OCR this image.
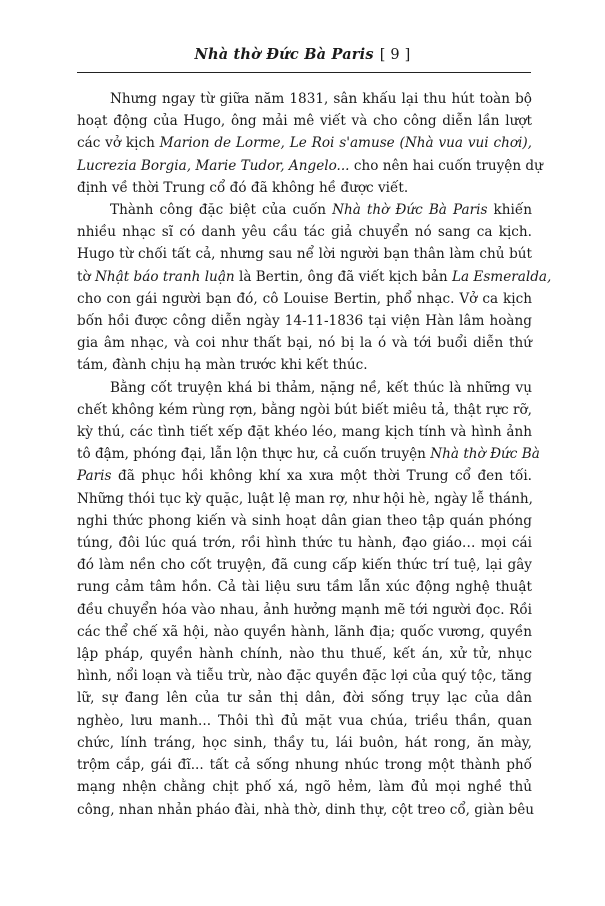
Nhà thờ Đức Bà Paris [ 9 ]
Nhưng ngay từ giữa năm 1831, sân khấu lại thu hút toàn bộ
hoạt động của Hugo, ông mải mê viết và cho công diễn lần lượt
các vở kịch Marion de Lorme, Le Roi s'amuse (Nhà vua vui chơi),
Lucrezia Borgia, Marie Tudor, Angelo... cho nên hai cuốn truyện dự
định về thời Trung cổ đó đã không hề được viết.
Thành công đặc biệt của cuốn Nhà thờ Đức Bà Paris khiến
nhiều nhạc sĩ có danh yêu cầu tác giả chuyển nó sang ca kịch.
Hugo từ chối tất cả, nhưng sau nể lời người bạn thân làm chủ bút
tờ Nhật báo tranh luận là Bertin, ông đã viết kịch bản La Esmeralda,
cho con gái người bạn đó, cô Louise Bertin, phổ nhạc. Vở ca kịch
bốn hồi được công diễn ngày 14-11-1836 tại viện Hàn lâm hoàng
gia âm nhạc, và coi như thất bại, nó bị la ó và tới buổi diễn thứ
tám, đành chịu hạ màn trước khi kết thúc.
Bằng cốt truyện khá bi thảm, nặng nề, kết thúc là những vụ
chết không kém rùng rợn, bằng ngòi bút biết miêu tả, thật rực rỡ,
kỳ thú, các tình tiết xếp đặt khéo léo, mang kịch tính và hình ảnh
tô đậm, phóng đại, lẫn lộn thực hư, cả cuốn truyện Nhà thờ Đức Bà
Paris đã phục hồi không khí xa xưa một thời Trung cổ đen tối.
Những thói tục kỳ quặc, luật lệ man rợ, như hội hè, ngày lễ thánh,
nghi thức phong kiến và sinh hoạt dân gian theo tập quán phóng
túng, đôi lúc quá trớn, rồi hình thức tu hành, đạo giáo… mọi cái
đó làm nền cho cốt truyện, đã cung cấp kiến thức trí tuệ, lại gây
rung cảm tâm hồn. Cả tài liệu sưu tầm lẫn xúc động nghệ thuật
đều chuyển hóa vào nhau, ảnh hưởng mạnh mẽ tới người đọc. Rồi
các thể chế xã hội, nào quyền hành, lãnh địa; quốc vương, quyền
lập pháp, quyền hành chính, nào thu thuế, kết án, xử tử, nhục
hình, nổi loạn và tiễu trừ, nào đặc quyền đặc lợi của quý tộc, tăng
lữ, sự đang lên của tư sản thị dân, đời sống trụy lạc của dân
nghèo, lưu manh... Thôi thì đủ mặt vua chúa, triều thần, quan
chức, lính tráng, học sinh, thầy tu, lái buôn, hát rong, ăn mày,
trộm cắp, gái đĩ... tất cả sống nhung nhúc trong một thành phố
mạng nhện chằng chịt phố xá, ngõ hẻm, làm đủ mọi nghề thủ
công, nhan nhản pháo đài, nhà thờ, dinh thự, cột treo cổ, giàn bêu
